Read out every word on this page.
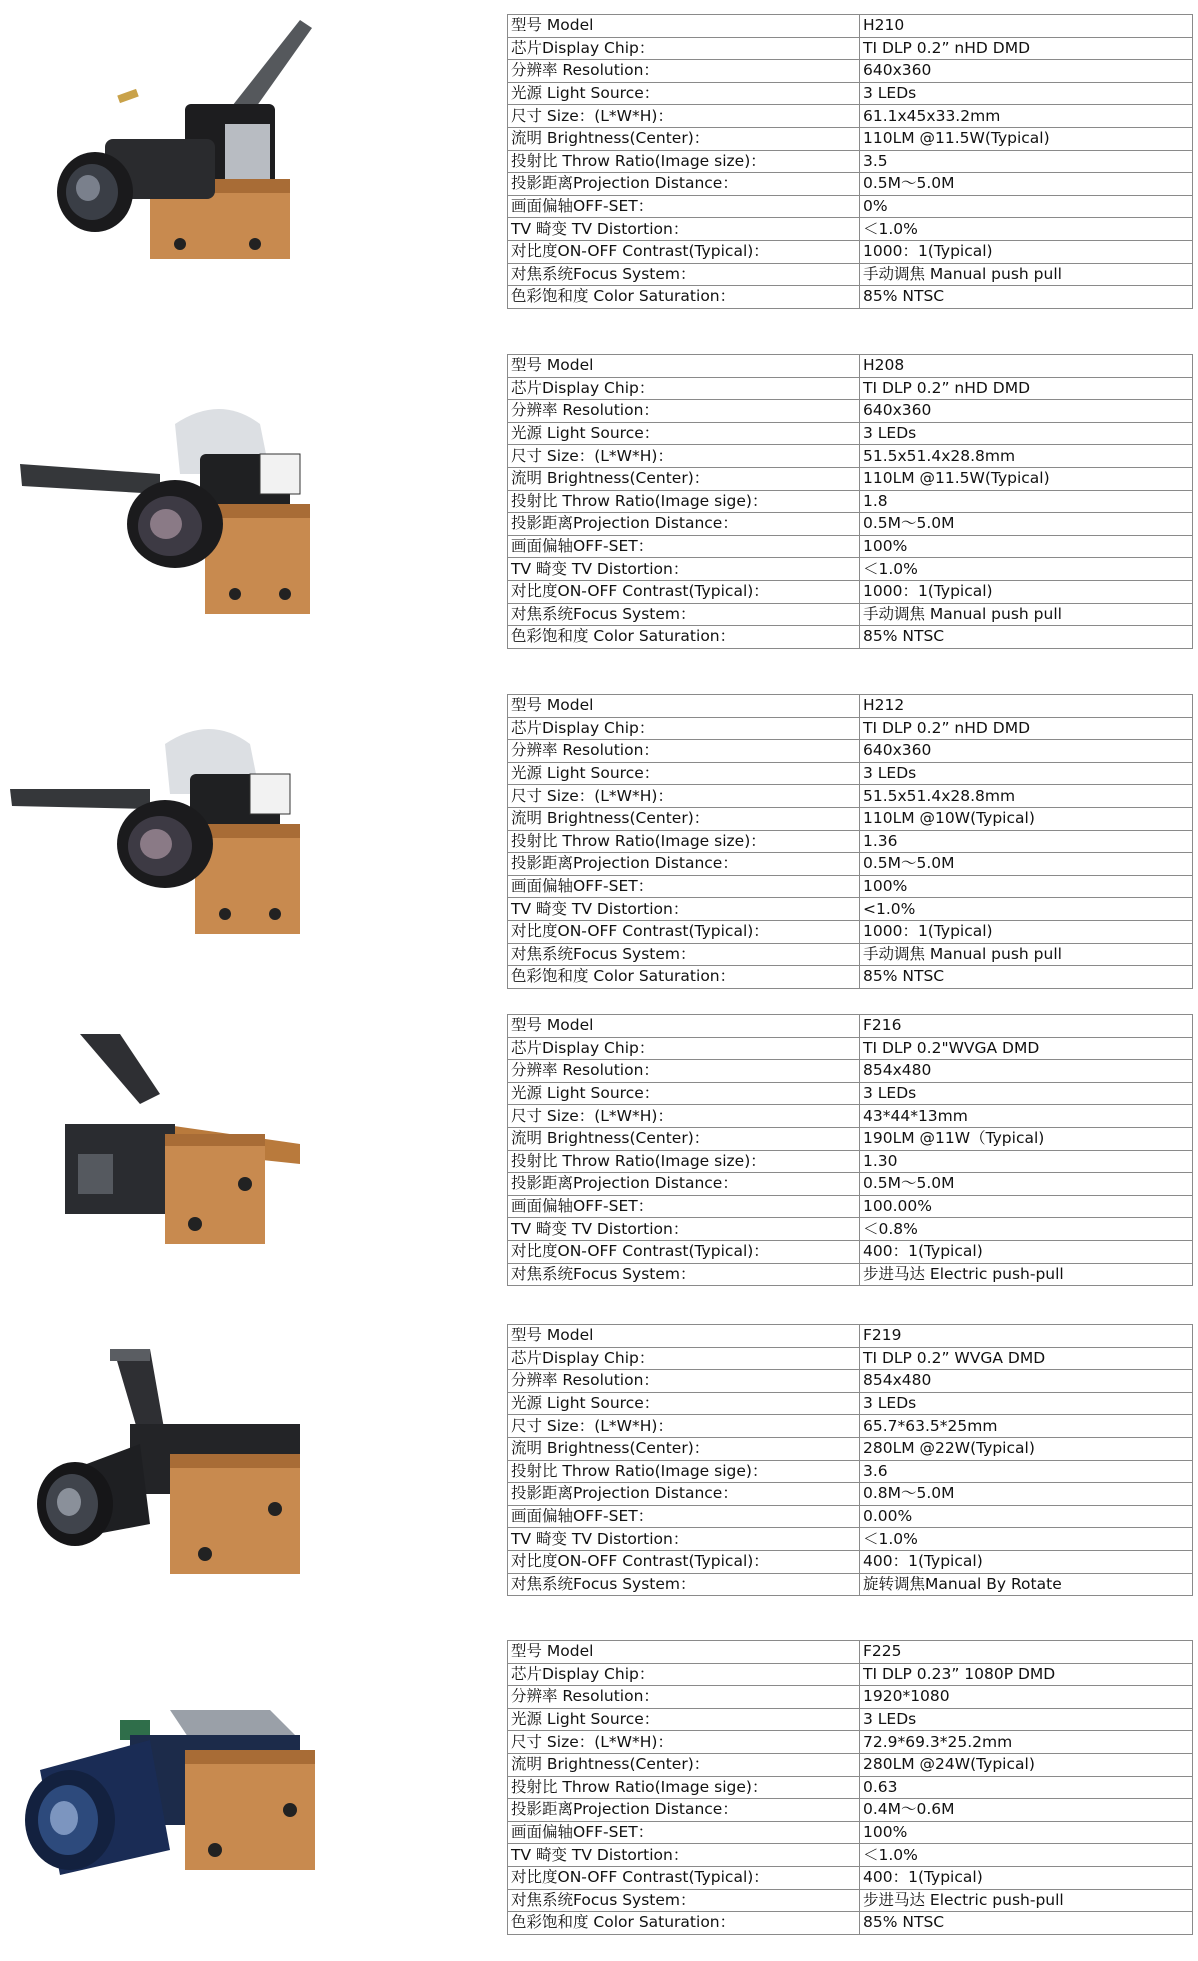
型号 Model	H210
芯片Display Chip：	TI DLP 0.2” nHD DMD
分辨率 Resolution：	640x360
光源 Light Source：	3 LEDs
尺寸 Size：(L*W*H)：	61.1x45x33.2mm
流明 Brightness(Center)：	110LM @11.5W(Typical)
投射比 Throw Ratio(Image size)：	3.5
投影距离Projection Distance：	0.5M～5.0M
画面偏轴OFF-SET：	0%
TV 畸变 TV Distortion：	＜1.0%
对比度ON-OFF Contrast(Typical)：	1000：1(Typical)
对焦系统Focus System：	手动调焦 Manual push pull
色彩饱和度 Color Saturation：	85% NTSC
型号 Model	H208
芯片Display Chip：	TI DLP 0.2” nHD DMD
分辨率 Resolution：	640x360
光源 Light Source：	3 LEDs
尺寸 Size：(L*W*H)：	51.5x51.4x28.8mm
流明 Brightness(Center)：	110LM @11.5W(Typical)
投射比 Throw Ratio(Image sige)：	1.8
投影距离Projection Distance：	0.5M～5.0M
画面偏轴OFF-SET：	100%
TV 畸变 TV Distortion：	＜1.0%
对比度ON-OFF Contrast(Typical)：	1000：1(Typical)
对焦系统Focus System：	手动调焦 Manual push pull
色彩饱和度 Color Saturation：	85% NTSC
型号 Model	H212
芯片Display Chip：	TI DLP 0.2” nHD DMD
分辨率 Resolution：	640x360
光源 Light Source：	3 LEDs
尺寸 Size：(L*W*H)：	51.5x51.4x28.8mm
流明 Brightness(Center)：	110LM @10W(Typical)
投射比 Throw Ratio(Image size)：	1.36
投影距离Projection Distance：	0.5M～5.0M
画面偏轴OFF-SET：	100%
TV 畸变 TV Distortion：	<1.0%
对比度ON-OFF Contrast(Typical)：	1000：1(Typical)
对焦系统Focus System：	手动调焦 Manual push pull
色彩饱和度 Color Saturation：	85% NTSC
型号 Model	F216
芯片Display Chip：	TI DLP 0.2"WVGA DMD
分辨率 Resolution：	854x480
光源 Light Source：	3 LEDs
尺寸 Size：(L*W*H)：	43*44*13mm
流明 Brightness(Center)：	190LM @11W（Typical)
投射比 Throw Ratio(Image size)：	1.30
投影距离Projection Distance：	0.5M～5.0M
画面偏轴OFF-SET：	100.00%
TV 畸变 TV Distortion：	＜0.8%
对比度ON-OFF Contrast(Typical)：	400：1(Typical)
对焦系统Focus System：	步进马达 Electric push-pull
型号 Model	F219
芯片Display Chip：	TI DLP 0.2” WVGA DMD
分辨率 Resolution：	854x480
光源 Light Source：	3 LEDs
尺寸 Size：(L*W*H)：	65.7*63.5*25mm
流明 Brightness(Center)：	280LM @22W(Typical)
投射比 Throw Ratio(Image sige)：	3.6
投影距离Projection Distance：	0.8M～5.0M
画面偏轴OFF-SET：	0.00%
TV 畸变 TV Distortion：	＜1.0%
对比度ON-OFF Contrast(Typical)：	400：1(Typical)
对焦系统Focus System：	旋转调焦Manual By Rotate
型号 Model	F225
芯片Display Chip：	TI DLP 0.23” 1080P DMD
分辨率 Resolution：	1920*1080
光源 Light Source：	3 LEDs
尺寸 Size：(L*W*H)：	72.9*69.3*25.2mm
流明 Brightness(Center)：	280LM @24W(Typical)
投射比 Throw Ratio(Image sige)：	0.63
投影距离Projection Distance：	0.4M～0.6M
画面偏轴OFF-SET：	100%
TV 畸变 TV Distortion：	＜1.0%
对比度ON-OFF Contrast(Typical)：	400：1(Typical)
对焦系统Focus System：	步进马达 Electric push-pull
色彩饱和度 Color Saturation：	85% NTSC
